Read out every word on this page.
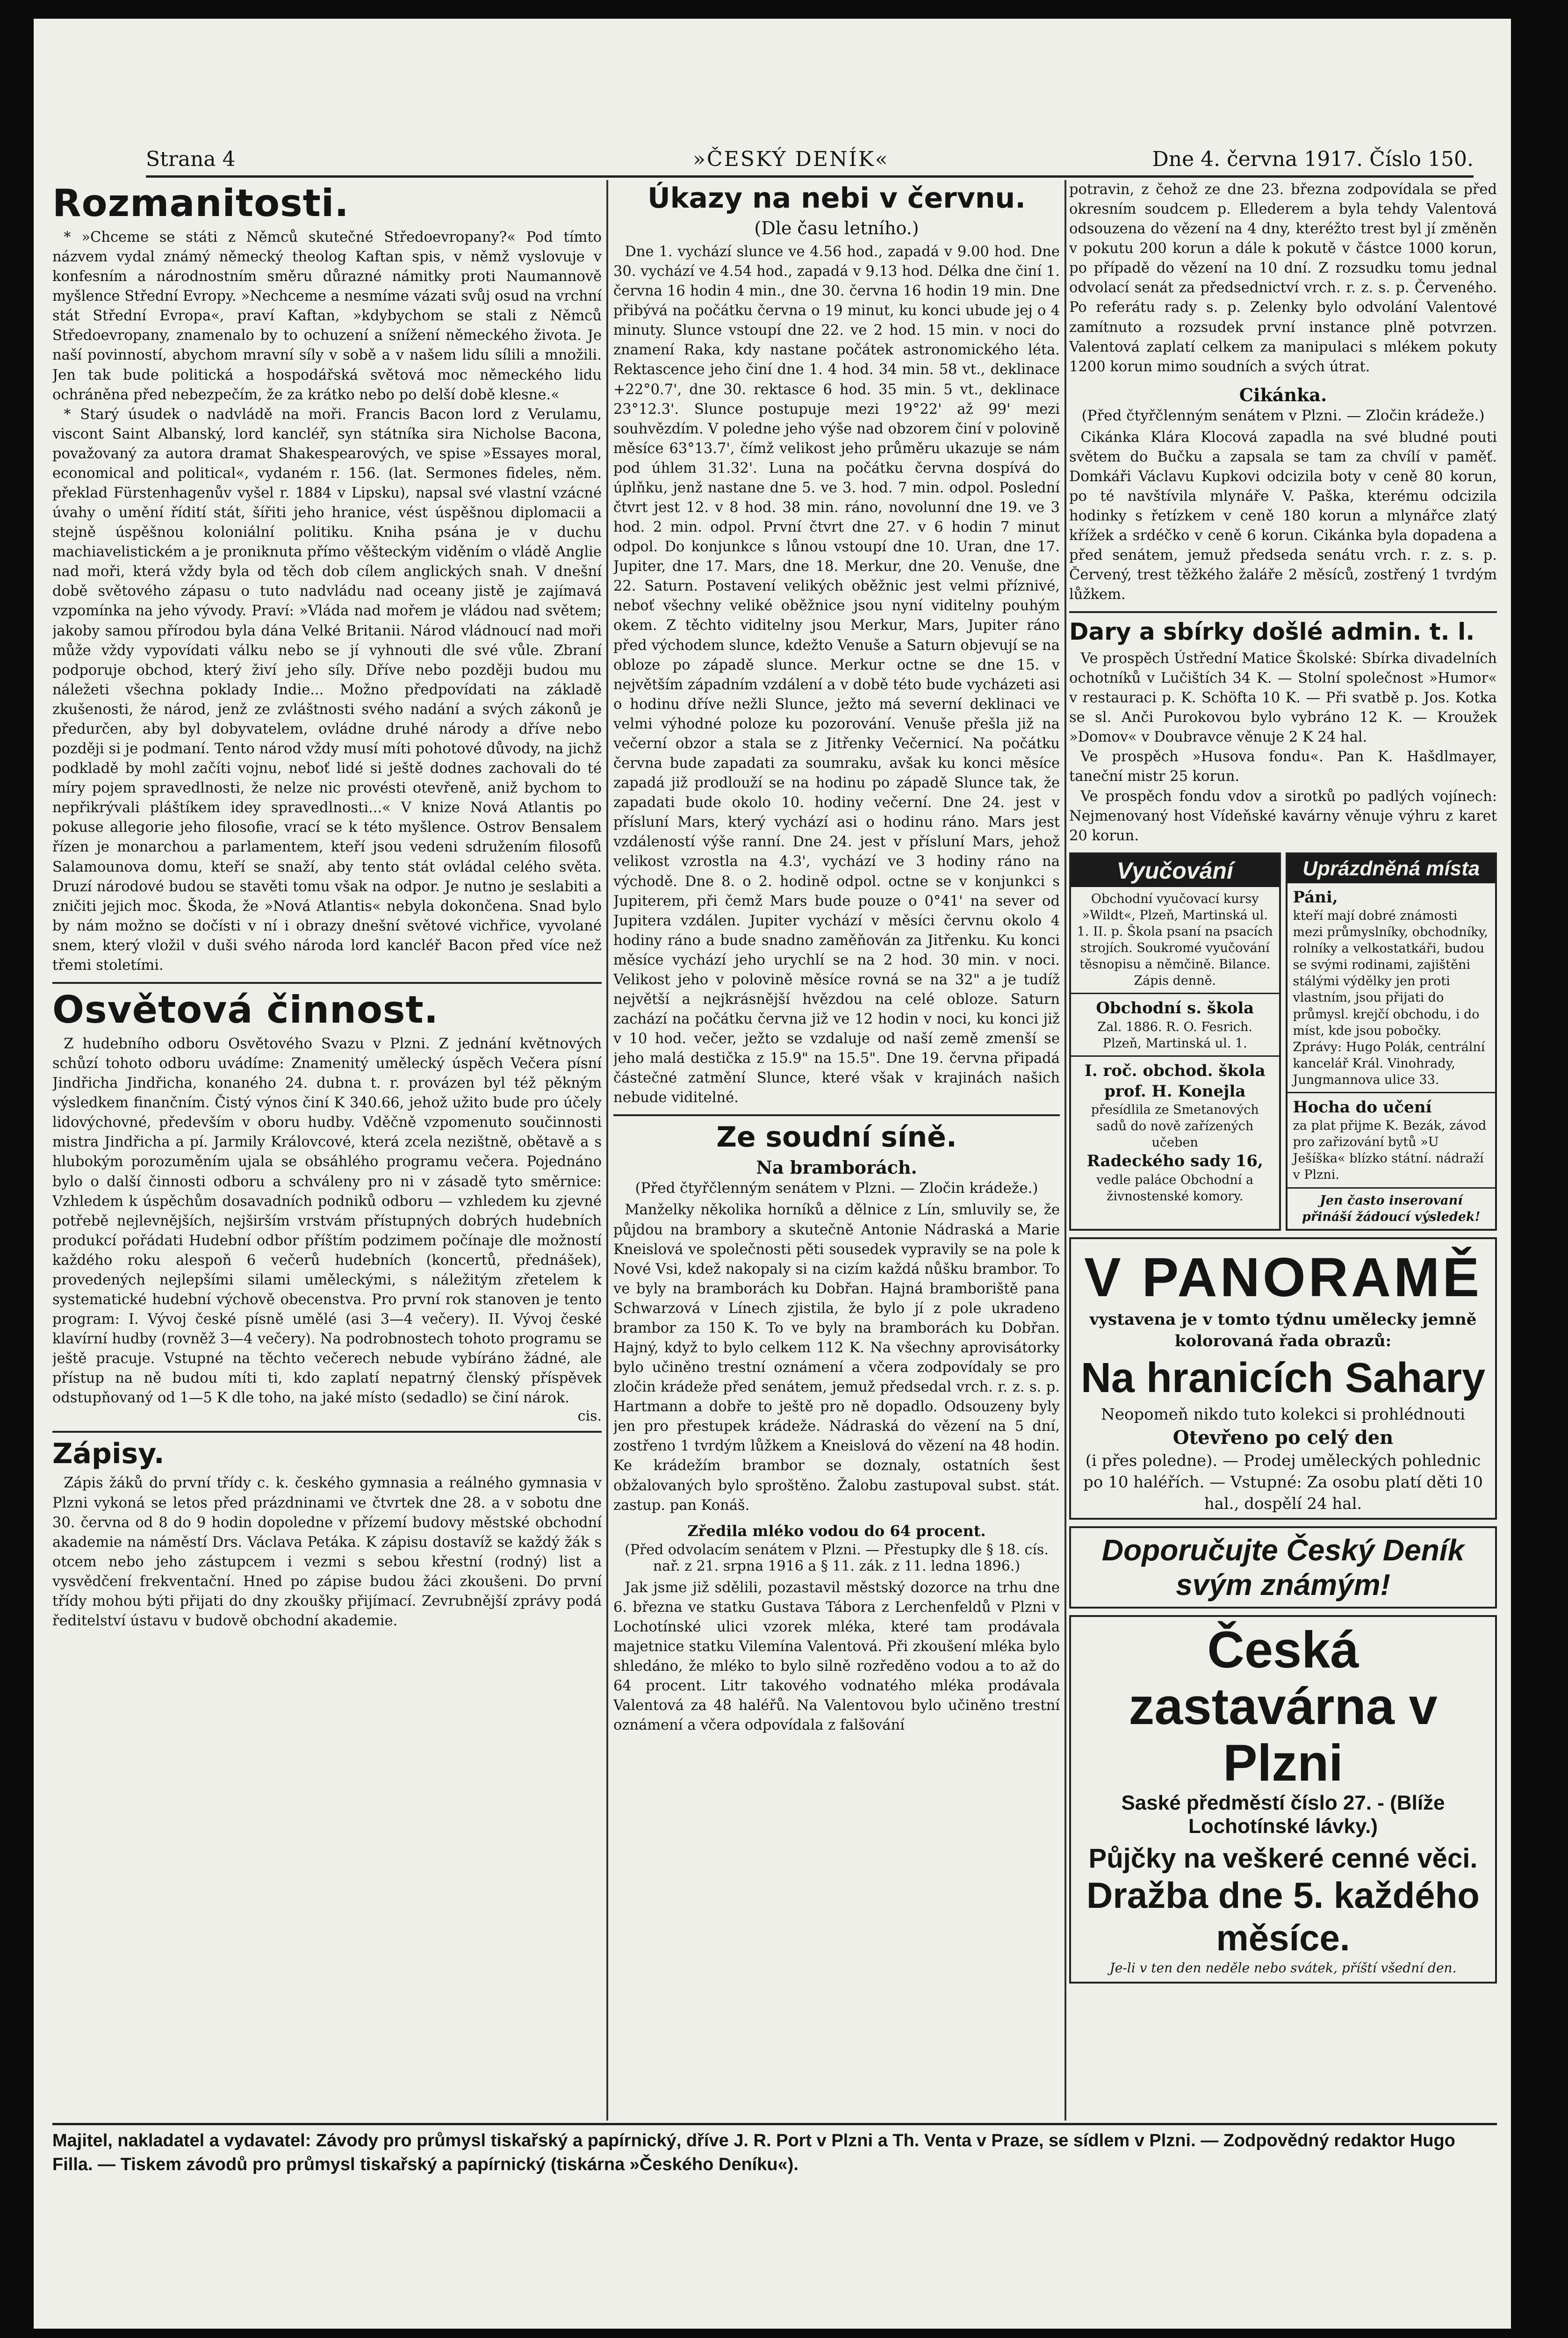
Strana 4	»ČESKÝ DENÍK«	Dne 4. června 1917. Číslo 150.
Rozmanitosti.

* »Chceme se státi z Němců skutečné Středoevropany?« Pod tímto názvem vydal známý německý theolog Kaftan spis, v němž vyslovuje v konfesním a národnostním směru důrazné námitky proti Naumannově myšlence Střední Evropy. »Nechceme a nesmíme vázati svůj osud na vrchní stát Střední Evropa«, praví Kaftan, »kdybychom se stali z Němců Středoevropany, znamenalo by to ochuzení a snížení německého života. Je naší povinností, abychom mravní síly v sobě a v našem lidu sílili a množili. Jen tak bude politická a hospodářská světová moc německého lidu ochráněna před nebezpečím, že za krátko nebo po delší době klesne.«

* Starý úsudek o nadvládě na moři. Francis Bacon lord z Verulamu, viscont Saint Albanský, lord kancléř, syn státníka sira Nicholse Bacona, považovaný za autora dramat Shakespearových, ve spise »Essayes moral, economical and political«, vydaném r. 156. (lat. Sermones fideles, něm. překlad Fürstenhagenův vyšel r. 1884 v Lipsku), napsal své vlastní vzácné úvahy o umění řídití stát, šířiti jeho hranice, vést úspěšnou diplomacii a stejně úspěšnou koloniální politiku. Kniha psána je v duchu machiavelistickém a je proniknuta přímo věšteckým viděním o vládě Anglie nad moři, která vždy byla od těch dob cílem anglických snah. V dnešní době světového zápasu o tuto nadvládu nad oceany jistě je zajímavá vzpomínka na jeho vývody. Praví: »Vláda nad mořem je vládou nad světem; jakoby samou přírodou byla dána Velké Britanii. Národ vládnoucí nad moři může vždy vypovídati válku nebo se jí vyhnouti dle své vůle. Zbraní podporuje obchod, který živí jeho síly. Dříve nebo později budou mu náležeti všechna poklady Indie... Možno předpovídati na základě zkušenosti, že národ, jenž ze zvláštnosti svého nadání a svých zákonů je předurčen, aby byl dobyvatelem, ovládne druhé národy a dříve nebo později si je podmaní. Tento národ vždy musí míti pohotové důvody, na jichž podkladě by mohl začíti vojnu, neboť lidé si ještě dodnes zachovali do té míry pojem spravedlnosti, že nelze nic provésti otevřeně, aniž bychom to nepřikrývali pláštíkem idey spravedlnosti...« V knize Nová Atlantis po pokuse allegorie jeho filosofie, vrací se k této myšlence. Ostrov Bensalem řízen je monarchou a parlamentem, kteří jsou vedeni sdružením filosofů Salamounova domu, kteří se snaží, aby tento stát ovládal celého světa. Druzí národové budou se stavěti tomu však na odpor. Je nutno je seslabiti a zničiti jejich moc. Škoda, že »Nová Atlantis« nebyla dokončena. Snad bylo by nám možno se dočísti v ní i obrazy dnešní světové vichřice, vyvolané snem, který vložil v duši svého národa lord kancléř Bacon před více než třemi stoletími.

Osvětová činnost.

Z hudebního odboru Osvětového Svazu v Plzni. Z jednání květnových schůzí tohoto odboru uvádíme: Znamenitý umělecký úspěch Večera písní Jindřicha Jindřicha, konaného 24. dubna t. r. provázen byl též pěkným výsledkem finančním. Čistý výnos činí K 340.66, jehož užito bude pro účely lidovýchovné, především v oboru hudby. Vděčně vzpomenuto součinnosti mistra Jindřicha a pí. Jarmily Královcové, která zcela nezištně, obětavě a s hlubokým porozuměním ujala se obsáhlého programu večera. Pojednáno bylo o další činnosti odboru a schváleny pro ni v zásadě tyto směrnice: Vzhledem k úspěchům dosavadních podniků odboru — vzhledem ku zjevné potřebě nejlevnějších, nejširším vrstvám přístupných dobrých hudebních produkcí pořádati Hudební odbor příštím podzimem počínaje dle možností každého roku alespoň 6 večerů hudebních (koncertů, přednášek), provedených nejlepšími silami uměleckými, s náležitým zřetelem k systematické hudební výchově obecenstva. Pro první rok stanoven je tento program: I. Vývoj české písně umělé (asi 3—4 večery). II. Vývoj české klavírní hudby (rovněž 3—4 večery). Na podrobnostech tohoto programu se ještě pracuje. Vstupné na těchto večerech nebude vybíráno žádné, ale přístup na ně budou míti ti, kdo zaplatí nepatrný členský příspěvek odstupňovaný od 1—5 K dle toho, na jaké místo (sedadlo) se činí nárok.

cis.
Zápisy.

Zápis žáků do první třídy c. k. českého gymnasia a reálného gymnasia v Plzni vykoná se letos před prázdninami ve čtvrtek dne 28. a v sobotu dne 30. června od 8 do 9 hodin dopoledne v přízemí budovy městské obchodní akademie na náměstí Drs. Václava Petáka. K zápisu dostavíž se každý žák s otcem nebo jeho zástupcem i vezmi s sebou křestní (rodný) list a vysvědčení frekventační. Hned po zápise budou žáci zkoušeni. Do první třídy mohou býti přijati do dny zkoušky přijímací. Zevrubnější zprávy podá ředitelství ústavu v budově obchodní akademie.

Úkazy na nebi v červnu.
(Dle času letního.)

Dne 1. vychází slunce ve 4.56 hod., zapadá v 9.00 hod. Dne 30. vychází ve 4.54 hod., zapadá v 9.13 hod. Délka dne činí 1. června 16 hodin 4 min., dne 30. června 16 hodin 19 min. Dne přibývá na počátku června o 19 minut, ku konci ubude jej o 4 minuty. Slunce vstoupí dne 22. ve 2 hod. 15 min. v noci do znamení Raka, kdy nastane počátek astronomického léta. Rektascence jeho činí dne 1. 4 hod. 34 min. 58 vt., deklinace +22°0.7', dne 30. rektasce 6 hod. 35 min. 5 vt., deklinace 23°12.3'. Slunce postupuje mezi 19°22' až 99' mezi souhvězdím. V poledne jeho výše nad obzorem činí v polovině měsíce 63°13.7', čímž velikost jeho průměru ukazuje se nám pod úhlem 31.32'. Luna na počátku června dospívá do úplňku, jenž nastane dne 5. ve 3. hod. 7 min. odpol. Poslední čtvrt jest 12. v 8 hod. 38 min. ráno, novolunní dne 19. ve 3 hod. 2 min. odpol. První čtvrt dne 27. v 6 hodin 7 minut odpol. Do konjunkce s lůnou vstoupí dne 10. Uran, dne 17. Jupiter, dne 17. Mars, dne 18. Merkur, dne 20. Venuše, dne 22. Saturn. Postavení velikých oběžnic jest velmi příznivé, neboť všechny veliké oběžnice jsou nyní viditelny pouhým okem. Z těchto viditelny jsou Merkur, Mars, Jupiter ráno před východem slunce, kdežto Venuše a Saturn objevují se na obloze po západě slunce. Merkur octne se dne 15. v největším západním vzdálení a v době této bude vycházeti asi o hodinu dříve nežli Slunce, ježto má severní deklinaci ve velmi výhodné poloze ku pozorování. Venuše přešla již na večerní obzor a stala se z Jitřenky Večernicí. Na počátku června bude zapadati za soumraku, avšak ku konci měsíce zapadá již prodlouží se na hodinu po západě Slunce tak, že zapadati bude okolo 10. hodiny večerní. Dne 24. jest v přísluní Mars, který vychází asi o hodinu ráno. Mars jest vzdáleností výše ranní. Dne 24. jest v přísluní Mars, jehož velikost vzrostla na 4.3', vychází ve 3 hodiny ráno na východě. Dne 8. o 2. hodině odpol. octne se v konjunkci s Jupiterem, při čemž Mars bude pouze o 0°41' na sever od Jupitera vzdálen. Jupiter vychází v měsíci červnu okolo 4 hodiny ráno a bude snadno zaměňován za Jitřenku. Ku konci měsíce vychází jeho urychlí se na 2 hod. 30 min. v noci. Velikost jeho v polovině měsíce rovná se na 32" a je tudíž největší a nejkrásnější hvězdou na celé obloze. Saturn zachází na počátku června již ve 12 hodin v noci, ku konci již v 10 hod. večer, ježto se vzdaluje od naší země zmenší se jeho malá destička z 15.9" na 15.5". Dne 19. června připadá částečné zatmění Slunce, které však v krajinách našich nebude viditelné.

Ze soudní síně.
Na bramborách.
(Před čtyřčlenným senátem v Plzni. — Zločin krádeže.)

Manželky několika horníků a dělnice z Lín, smluvily se, že půjdou na brambory a skutečně Antonie Nádraská a Marie Kneislová ve společnosti pěti sousedek vypravily se na pole k Nové Vsi, kdež nakopaly si na cizím každá nůšku brambor. To ve byly na bramborách ku Dobřan. Hajná bramboriště pana Schwarzová v Línech zjistila, že bylo jí z pole ukradeno brambor za 150 K. To ve byly na bramborách ku Dobřan. Hajný, když to bylo celkem 112 K. Na všechny aprovisátorky bylo učiněno trestní oznámení a včera zodpovídaly se pro zločin krádeže před senátem, jemuž předsedal vrch. r. z. s. p. Hartmann a dobře to ještě pro ně dopadlo. Odsouzeny byly jen pro přestupek krádeže. Nádraská do vězení na 5 dní, zostřeno 1 tvrdým lůžkem a Kneislová do vězení na 48 hodin. Ke krádežím brambor se doznaly, ostatních šest obžalovaných bylo sproštěno. Žalobu zastupoval subst. stát. zastup. pan Konáš.

Zředila mléko vodou do 64 procent.
(Před odvolacím senátem v Plzni. — Přestupky dle § 18. cís. nař. z 21. srpna 1916 a § 11. zák. z 11. ledna 1896.)

Jak jsme již sdělili, pozastavil městský dozorce na trhu dne 6. března ve statku Gustava Tábora z Lerchenfeldů v Plzni v Lochotínské ulici vzorek mléka, které tam prodávala majetnice statku Vilemína Valentová. Při zkoušení mléka bylo shledáno, že mléko to bylo silně rozředěno vodou a to až do 64 procent. Litr takového vodnatého mléka prodávala Valentová za 48 haléřů. Na Valentovou bylo učiněno trestní oznámení a včera odpovídala z falšování

potravin, z čehož ze dne 23. března zodpovídala se před okresním soudcem p. Ellederem a byla tehdy Valentová odsouzena do vězení na 4 dny, kteréžto trest byl jí změněn v pokutu 200 korun a dále k pokutě v částce 1000 korun, po případě do vězení na 10 dní. Z rozsudku tomu jednal odvolací senát za předsednictví vrch. r. z. s. p. Červeného. Po referátu rady s. p. Zelenky bylo odvolání Valentové zamítnuto a rozsudek první instance plně potvrzen. Valentová zaplatí celkem za manipulaci s mlékem pokuty 1200 korun mimo soudních a svých útrat.

Cikánka.
(Před čtyřčlenným senátem v Plzni. — Zločin krádeže.)

Cikánka Klára Klocová zapadla na své bludné pouti světem do Bučku a zapsala se tam za chvílí v paměť. Domkáři Václavu Kupkovi odcizila boty v ceně 80 korun, po té navštívila mlynáře V. Paška, kterému odcizila hodinky s řetízkem v ceně 180 korun a mlynářce zlatý křížek a srdéčko v ceně 6 korun. Cikánka byla dopadena a před senátem, jemuž předseda senátu vrch. r. z. s. p. Červený, trest těžkého žaláře 2 měsíců, zostřený 1 tvrdým lůžkem.

Dary a sbírky došlé admin. t. l.

Ve prospěch Ústřední Matice Školské: Sbírka divadelních ochotníků v Lučištích 34 K. — Stolní společnost »Humor« v restauraci p. K. Schöfta 10 K. — Při svatbě p. Jos. Kotka se sl. Anči Purokovou bylo vybráno 12 K. — Kroužek »Domov« v Doubravce věnuje 2 K 24 hal.

Ve prospěch »Husova fondu«. Pan K. Hašdlmayer, taneční mistr 25 korun.

Ve prospěch fondu vdov a sirotků po padlých vojínech: Nejmenovaný host Vídeňské kavárny věnuje výhru z karet 20 korun.

Vyučování
Obchodní vyučovací kursy »Wildt«, Plzeň, Martinská ul. 1. II. p. Škola psaní na psacích strojích. Soukromé vyučování těsnopisu a němčině. Bilance. Zápis denně.
Obchodní s. škola
Zal. 1886. R. O. Fesrich. Plzeň, Martinská ul. 1.
I. roč. obchod. škola prof. H. Konejla
přesídlila ze Smetanových sadů do nově zařízených učeben
Radeckého sady 16,
vedle paláce Obchodní a živnostenské komory.
Uprázdněná místa
Páni,
kteří mají dobré známosti mezi průmyslníky, obchodníky, rolníky a velkostatkáři, budou se svými rodinami, zajištěni stálými výdělky jen proti vlastním, jsou přijati do průmysl. krejčí obchodu, i do míst, kde jsou pobočky. Zprávy: Hugo Polák, centrální kancelář Král. Vinohrady, Jungmannova ulice 33.
Hocha do učení
za plat přijme K. Bezák, závod pro zařizování bytů »U Ješíška« blízko státní. nádraží v Plzni.
Jen často inserovaní přináší žádoucí výsledek!
V PANORAMĚ
vystavena je v tomto týdnu umělecky jemně kolorovaná řada obrazů:
Na hranicích Sahary
Neopomeň nikdo tuto kolekci si prohlédnouti
Otevřeno po celý den
(i přes poledne). — Prodej uměleckých pohlednic po 10 haléřích. — Vstupné: Za osobu platí děti 10 hal., dospělí 24 hal.
Doporučujte Český Deník svým známým!
Česká zastavárna v Plzni
Saské předměstí číslo 27. - (Blíže Lochotínské lávky.)
Půjčky na veškeré cenné věci.
Dražba dne 5. každého měsíce.
Je-li v ten den neděle nebo svátek, příští všední den.
Majitel, nakladatel a vydavatel: Závody pro průmysl tiskařský a papírnický, dříve J. R. Port v Plzni a Th. Venta v Praze, se sídlem v Plzni. — Zodpovědný redaktor Hugo Filla. — Tiskem závodů pro průmysl tiskařský a papírnický (tiskárna »Českého Deníku«).
